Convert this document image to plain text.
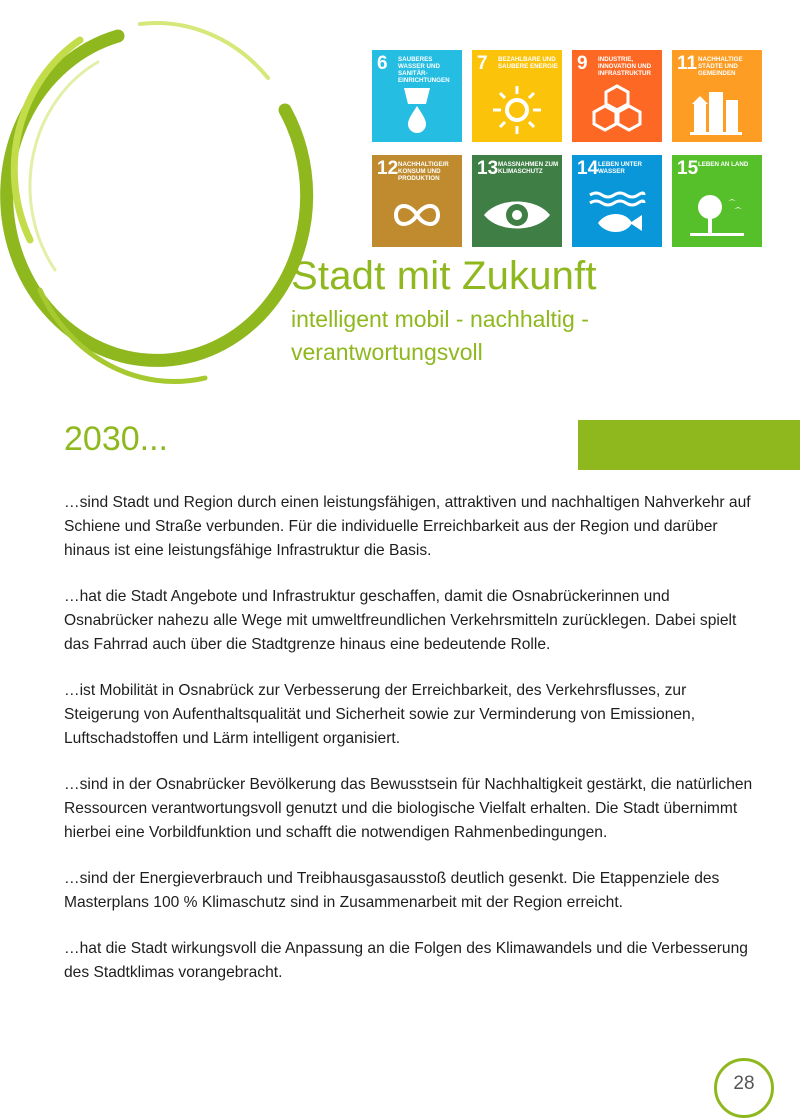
6 SAUBERES WASSER UND SANITÄR-EINRICHTUNGEN
7 BEZAHLBARE UND SAUBERE ENERGIE 9 INDUSTRIE, INNOVATION UND INFRASTRUKTUR	11 NACHHALTIGE STÄDTE UND GEMEINDEN
12 NACHHALTIGE/R KONSUM UND PRODUKTION	13 MASSNAHMEN ZUM KLIMASCHUTZ	14 LEBEN UNTER WASSER	15 LEBEN AN LAND
Stadt mit Zukunft

intelligent mobil - nachhaltig - verantwortungsvoll

2030...

…sind Stadt und Region durch einen leistungsfähigen, attraktiven und nachhaltigen Nahverkehr auf Schiene und Straße verbunden. Für die individuelle Erreichbarkeit aus der Region und darüber hinaus ist eine leistungsfähige Infrastruktur die Basis.

…hat die Stadt Angebote und Infrastruktur geschaffen, damit die Osnabrückerinnen und Osnabrücker nahezu alle Wege mit umweltfreundlichen Verkehrsmitteln zurücklegen. Dabei spielt das Fahrrad auch über die Stadtgrenze hinaus eine bedeutende Rolle.

…ist Mobilität in Osnabrück zur Verbesserung der Erreichbarkeit, des Verkehrsflusses, zur Steigerung von Aufenthaltsqualität und Sicherheit sowie zur Verminderung von Emissionen, Luftschadstoffen und Lärm intelligent organisiert.

…sind in der Osnabrücker Bevölkerung das Bewusstsein für Nachhaltigkeit gestärkt, die natürlichen Ressourcen verantwortungsvoll genutzt und die biologische Vielfalt erhalten. Die Stadt übernimmt hierbei eine Vorbildfunktion und schafft die notwendigen Rahmenbedingungen.

…sind der Energieverbrauch und Treibhausgasausstoß deutlich gesenkt. Die Etappenziele des Masterplans 100 % Klimaschutz sind in Zusammenarbeit mit der Region erreicht.

…hat die Stadt wirkungsvoll die Anpassung an die Folgen des Klimawandels und die Verbesserung des Stadtklimas vorangebracht.

28
